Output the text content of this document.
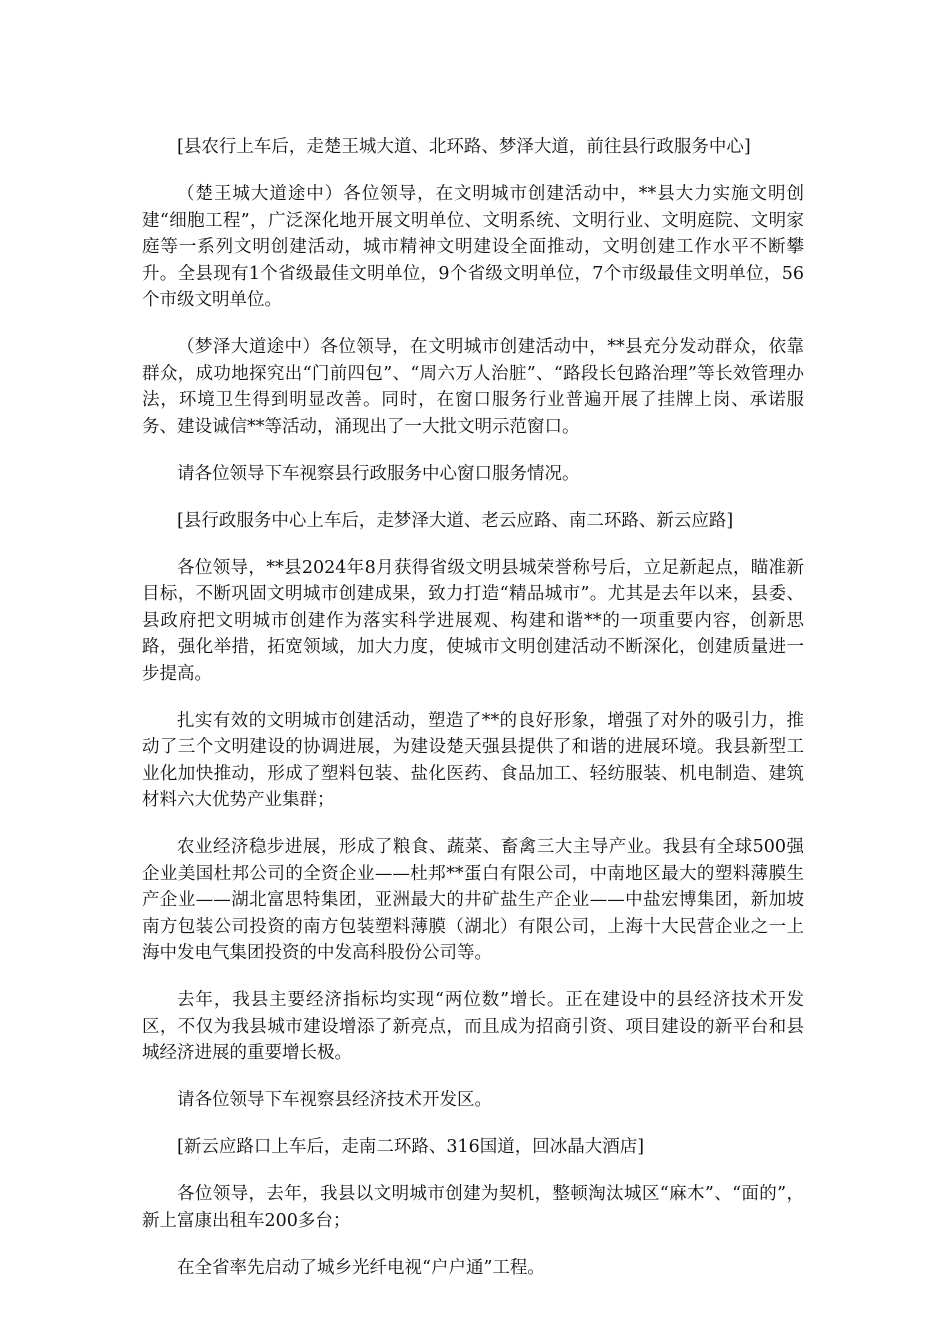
[县农行上车后，走楚王城大道、北环路、梦泽大道，前往县行政服务中心]

（楚王城大道途中）各位领导，在文明城市创建活动中，**县大力实施文明创建“细胞工程”，广泛深化地开展文明单位、文明系统、文明行业、文明庭院、文明家庭等一系列文明创建活动，城市精神文明建设全面推动，文明创建工作水平不断攀升。全县现有1个省级最佳文明单位，9个省级文明单位，7个市级最佳文明单位，56个市级文明单位。

（梦泽大道途中）各位领导，在文明城市创建活动中，**县充分发动群众，依靠群众，成功地探究出“门前四包”、“周六万人治脏”、“路段长包路治理”等长效管理办法，环境卫生得到明显改善。同时，在窗口服务行业普遍开展了挂牌上岗、承诺服务、建设诚信**等活动，涌现出了一大批文明示范窗口。

请各位领导下车视察县行政服务中心窗口服务情况。

[县行政服务中心上车后，走梦泽大道、老云应路、南二环路、新云应路]

各位领导，**县2024年8月获得省级文明县城荣誉称号后，立足新起点，瞄准新目标，不断巩固文明城市创建成果，致力打造“精品城市”。尤其是去年以来，县委、县政府把文明城市创建作为落实科学进展观、构建和谐**的一项重要内容，创新思路，强化举措，拓宽领域，加大力度，使城市文明创建活动不断深化，创建质量进一步提高。

扎实有效的文明城市创建活动，塑造了**的良好形象，增强了对外的吸引力，推动了三个文明建设的协调进展，为建设楚天强县提供了和谐的进展环境。我县新型工业化加快推动，形成了塑料包装、盐化医药、食品加工、轻纺服装、机电制造、建筑材料六大优势产业集群；

农业经济稳步进展，形成了粮食、蔬菜、畜禽三大主导产业。我县有全球500强企业美国杜邦公司的全资企业——杜邦**蛋白有限公司，中南地区最大的塑料薄膜生产企业——湖北富思特集团，亚洲最大的井矿盐生产企业——中盐宏博集团，新加坡南方包装公司投资的南方包装塑料薄膜（湖北）有限公司，上海十大民营企业之一上海中发电气集团投资的中发高科股份公司等。

去年，我县主要经济指标均实现“两位数”增长。正在建设中的县经济技术开发区，不仅为我县城市建设增添了新亮点，而且成为招商引资、项目建设的新平台和县城经济进展的重要增长极。

请各位领导下车视察县经济技术开发区。

[新云应路口上车后，走南二环路、316国道，回冰晶大酒店]

各位领导，去年，我县以文明城市创建为契机，整顿淘汰城区“麻木”、“面的”，新上富康出租车200多台；

在全省率先启动了城乡光纤电视“户户通”工程。
